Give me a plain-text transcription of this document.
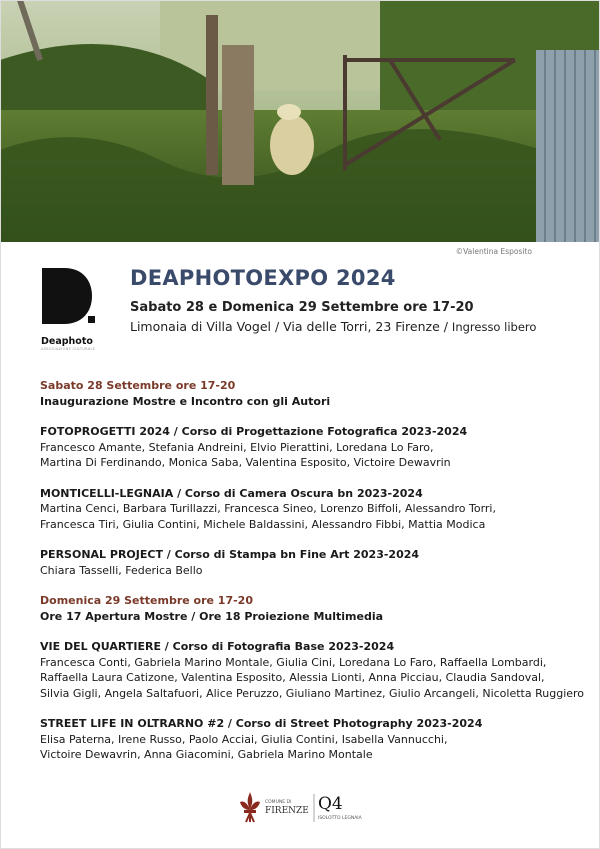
©Valentina Esposito
Deaphoto
ASSOCIAZIONE CULTURALE
DEAPHOTOEXPO 2024
Sabato 28 e Domenica 29 Settembre ore 17-20
Limonaia di Villa Vogel / Via delle Torri, 23 Firenze / Ingresso libero
Sabato 28 Settembre ore 17-20
Inaugurazione Mostre e Incontro con gli Autori
FOTOPROGETTI 2024 / Corso di Progettazione Fotografica 2023-2024
Francesco Amante, Stefania Andreini, Elvio Pierattini, Loredana Lo Faro,
Martina Di Ferdinando, Monica Saba, Valentina Esposito, Victoire Dewavrin
MONTICELLI-LEGNAIA / Corso di Camera Oscura bn 2023-2024
Martina Cenci, Barbara Turillazzi, Francesca Sineo, Lorenzo Biffoli, Alessandro Torri,
Francesca Tiri, Giulia Contini, Michele Baldassini, Alessandro Fibbi, Mattia Modica
PERSONAL PROJECT / Corso di Stampa bn Fine Art 2023-2024
Chiara Tasselli, Federica Bello
Domenica 29 Settembre ore 17-20
Ore 17 Apertura Mostre / Ore 18 Proiezione Multimedia
VIE DEL QUARTIERE / Corso di Fotografia Base 2023-2024
Francesca Conti, Gabriela Marino Montale, Giulia Cini, Loredana Lo Faro, Raffaella Lombardi,
Raffaella Laura Catizone, Valentina Esposito, Alessia Lionti, Anna Picciau, Claudia Sandoval,
Silvia Gigli, Angela Saltafuori, Alice Peruzzo, Giuliano Martinez, Giulio Arcangeli, Nicoletta Ruggiero
STREET LIFE IN OLTRARNO #2 / Corso di Street Photography 2023-2024
Elisa Paterna, Irene Russo, Paolo Acciai, Giulia Contini, Isabella Vannucchi,
Victoire Dewavrin, Anna Giacomini, Gabriela Marino Montale
COMUNE DI
FIRENZE Q4
ISOLOTTO LEGNAIA
